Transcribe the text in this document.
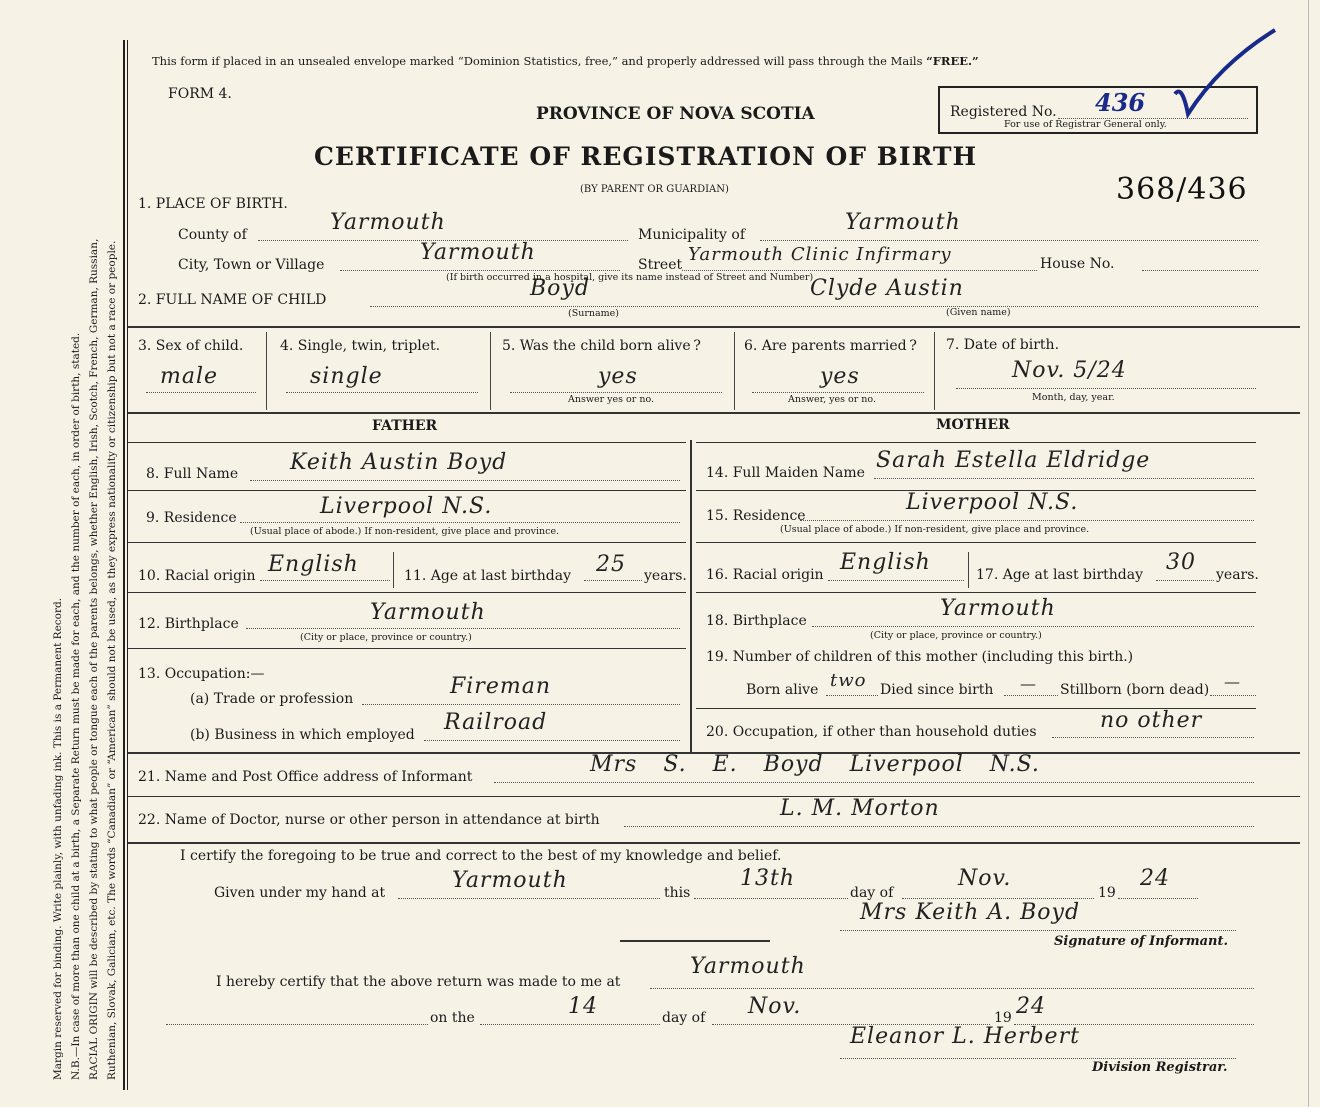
Margin reserved for binding. Write plainly, with unfading ink. This is a Permanent Record. N.B.—In case of more than one child at a birth, a Separate Return must be made for each, and the number of each, in order of birth, stated. RACIAL ORIGIN will be described by stating to what people or tongue each of the parents belongs, whether English, Irish, Scotch, French, German, Russian, Ruthenian, Slovak, Galician, etc. The words “Canadian” or “American” should not be used, as they express nationality or citizenship but not a race or people.
This form if placed in an unsealed envelope marked “Dominion Statistics, free,” and properly addressed will pass through the Mails “FREE.”
FORM 4.
PROVINCE OF NOVA SCOTIA
CERTIFICATE OF REGISTRATION OF BIRTH
(BY PARENT OR GUARDIAN)
Registered No. 436
For use of Registrar General only.
368/436
1. PLACE OF BIRTH.
County of	Yarmouth	Municipality of	Yarmouth
City, Town or Village	Yarmouth	Street Yarmouth Clinic Infirmary	House No.
(If birth occurred in a hospital, give its name instead of Street and Number)
2. FULL NAME OF CHILD	Boyd	Clyde Austin
(Surname)	(Given name)
3. Sex of child.
male
4. Single, twin, triplet.
single
5. Was the child born alive ?
yes
Answer yes or no.
6. Are parents married ?
yes
Answer, yes or no.
7. Date of birth.
Nov. 5/24
Month, day, year.
FATHER	MOTHER
8. Full Name Keith Austin Boyd
9. Residence	Liverpool N.S.
(Usual place of abode.) If non-resident, give place and province.
10. Racial origin English	11. Age at last birthday 25 years.
12. Birthplace	Yarmouth
(City or place, province or country.)
13. Occupation:—
(a) Trade or profession	Fireman
(b) Business in which employed Railroad
14. Full Maiden Name Sarah Estella Eldridge
15. Residence
Liverpool N.S.
(Usual place of abode.) If non-resident, give place and province.
16. Racial origin English	17. Age at last birthday 30 years.
18. Birthplace	Yarmouth
(City or place, province or country.)
19. Number of children of this mother (including this birth.)
Born alive two Died since birth — Stillborn (born dead) —
20. Occupation, if other than household duties	no other
21. Name and Post Office address of Informant	Mrs S. E. Boyd Liverpool N.S.
22. Name of Doctor, nurse or other person in attendance at birth	L. M. Morton
I certify the foregoing to be true and correct to the best of my knowledge and belief.
Given under my hand at	Yarmouth	this
13th
day of
Nov.
19
24
Mrs Keith A. Boyd
Signature of Informant.
I hereby certify that the above return was made to me at
Yarmouth
on the	14	day of Nov.	19 24
Eleanor L. Herbert
Division Registrar.
